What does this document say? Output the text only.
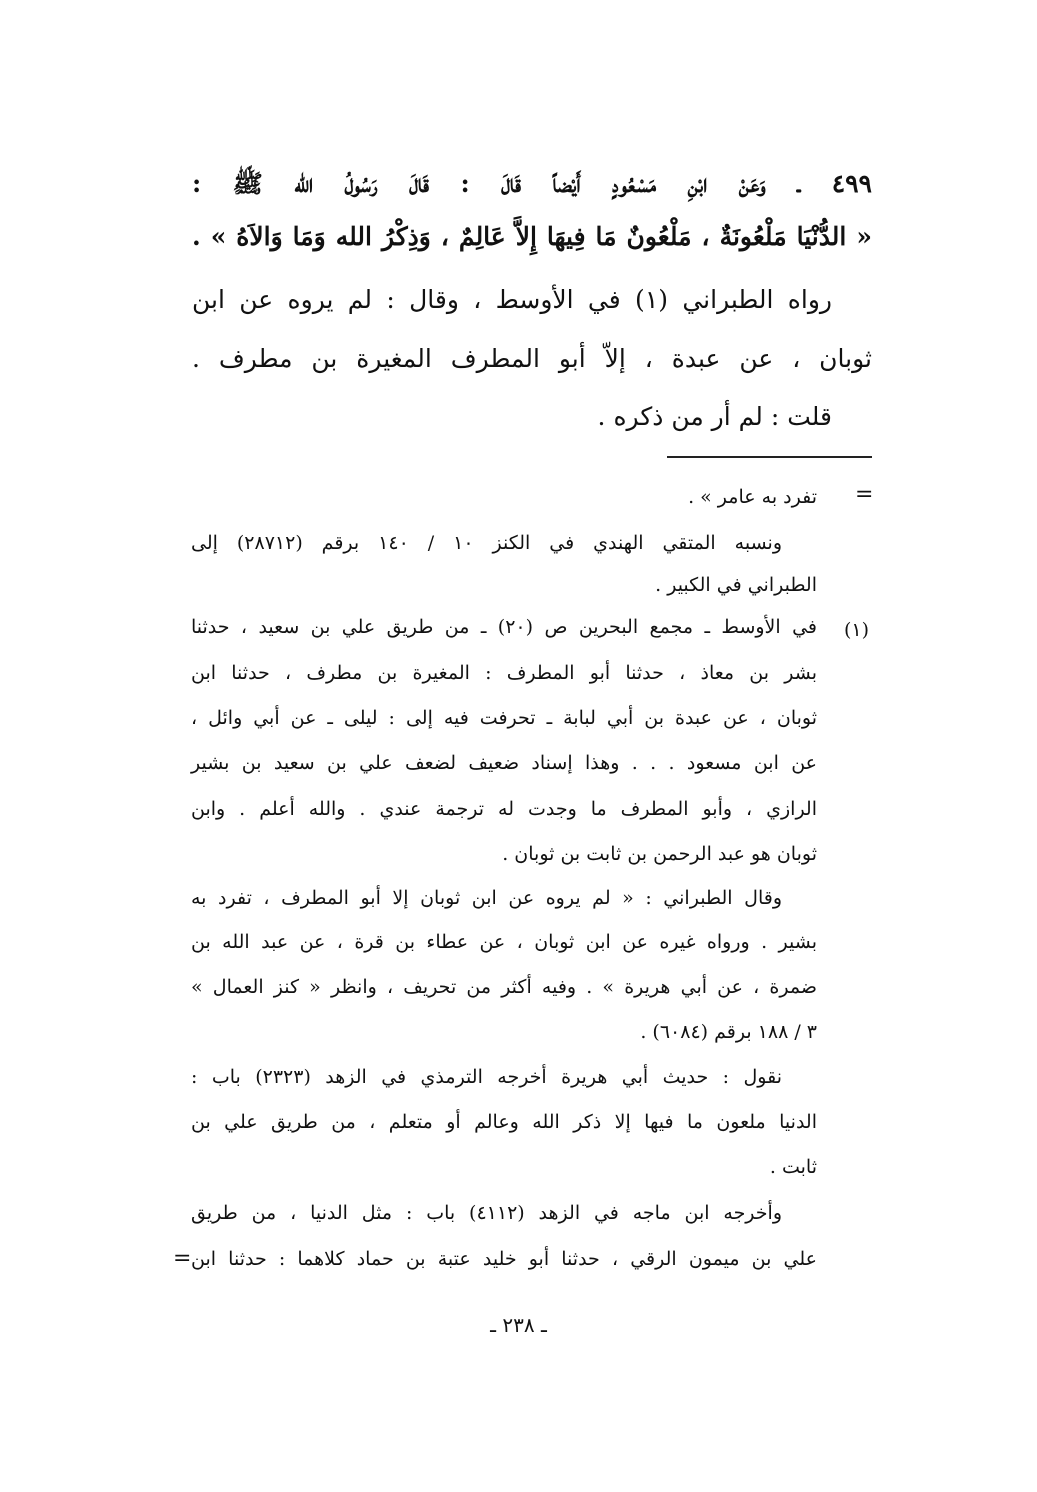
٤٩٩ ـ وَعَنْ ابْنِ مَسْعُودٍ أَيْضاً قَالَ : قَالَ رَسُولُ الله ﷺ :
« الدُّنْيَا مَلْعُونَةٌ ، مَلْعُونٌ مَا فِيهَا إِلاَّ عَالِمٌ ، وَذِكْرُ الله وَمَا وَالاَهُ » .
رواه الطبراني (١) في الأوسط ، وقال : لم يروه عن ابن
ثوبان ، عن عبدة ، إلاّ أبو المطرف المغيرة بن مطرف .
قلت : لم أر من ذكره .
=
تفرد به عامر » .
ونسبه المتقي الهندي في الكنز ١٠ / ١٤٠ برقم (٢٨٧١٢) إلى
الطبراني في الكبير .
(١)
في الأوسط ـ مجمع البحرين ص (٢٠) ـ من طريق علي بن سعيد ، حدثنا
بشر بن معاذ ، حدثنا أبو المطرف : المغيرة بن مطرف ، حدثنا ابن
ثوبان ، عن عبدة بن أبي لبابة ـ تحرفت فيه إلى : ليلى ـ عن أبي وائل ،
عن ابن مسعود . . . وهذا إسناد ضعيف لضعف علي بن سعيد بن بشير
الرازي ، وأبو المطرف ما وجدت له ترجمة عندي . والله أعلم . وابن
ثوبان هو عبد الرحمن بن ثابت بن ثوبان .
وقال الطبراني : « لم يروه عن ابن ثوبان إلا أبو المطرف ، تفرد به
بشير . ورواه غيره عن ابن ثوبان ، عن عطاء بن قرة ، عن عبد الله بن
ضمرة ، عن أبي هريرة » . وفيه أكثر من تحريف ، وانظر « كنز العمال »
٣ / ١٨٨ برقم (٦٠٨٤) .
نقول : حديث أبي هريرة أخرجه الترمذي في الزهد (٢٣٢٣) باب :
الدنيا ملعون ما فيها إلا ذكر الله وعالم أو متعلم ، من طريق علي بن
ثابت .
وأخرجه ابن ماجه في الزهد (٤١١٢) باب : مثل الدنيا ، من طريق
علي بن ميمون الرقي ، حدثنا أبو خليد عتبة بن حماد كلاهما : حدثنا ابن
=
ـ ٢٣٨ ـ
